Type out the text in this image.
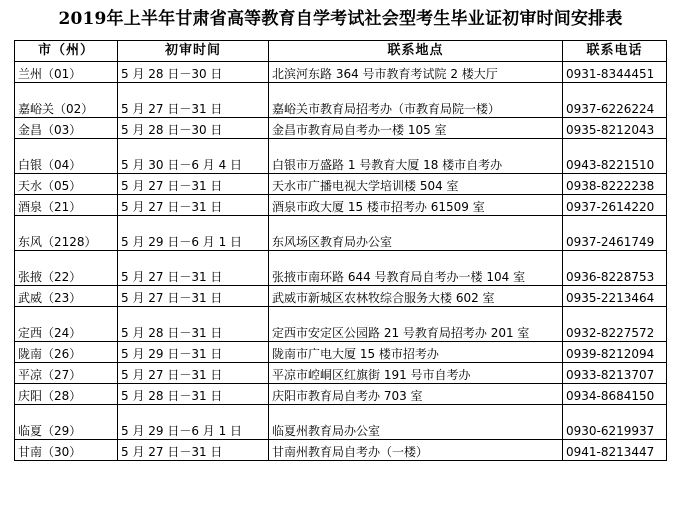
2019年上半年甘肃省高等教育自学考试社会型考生毕业证初审时间安排表
市（州）	初审时间	联系地点	联系电话
兰州（01）	5 月 28 日－30 日	北滨河东路 364 号市教育考试院 2 楼大厅	0931-8344451
嘉峪关（02）	5 月 27 日－31 日	嘉峪关市教育局招考办（市教育局院一楼）	0937-6226224
金昌（03）	5 月 28 日－30 日	金昌市教育局自考办一楼 105 室	0935-8212043
白银（04）	5 月 30 日－6 月 4 日	白银市万盛路 1 号教育大厦 18 楼市自考办	0943-8221510
天水（05）	5 月 27 日－31 日	天水市广播电视大学培训楼 504 室	0938-8222238
酒泉（21）	5 月 27 日－31 日	酒泉市政大厦 15 楼市招考办 61509 室	0937-2614220
东风（2128）	5 月 29 日－6 月 1 日	东风场区教育局办公室	0937-2461749
张掖（22）	5 月 27 日－31 日	张掖市南环路 644 号教育局自考办一楼 104 室	0936-8228753
武威（23）	5 月 27 日－31 日	武威市新城区农林牧综合服务大楼 602 室	0935-2213464
定西（24）	5 月 28 日－31 日	定西市安定区公园路 21 号教育局招考办 201 室	0932-8227572
陇南（26）	5 月 29 日－31 日	陇南市广电大厦 15 楼市招考办	0939-8212094
平凉（27）	5 月 27 日－31 日	平凉市崆峒区红旗街 191 号市自考办	0933-8213707
庆阳（28）	5 月 28 日－31 日	庆阳市教育局自考办 703 室	0934-8684150
临夏（29）	5 月 29 日－6 月 1 日	临夏州教育局办公室	0930-6219937
甘南（30）	5 月 27 日－31 日	甘南州教育局自考办（一楼）	0941-8213447
